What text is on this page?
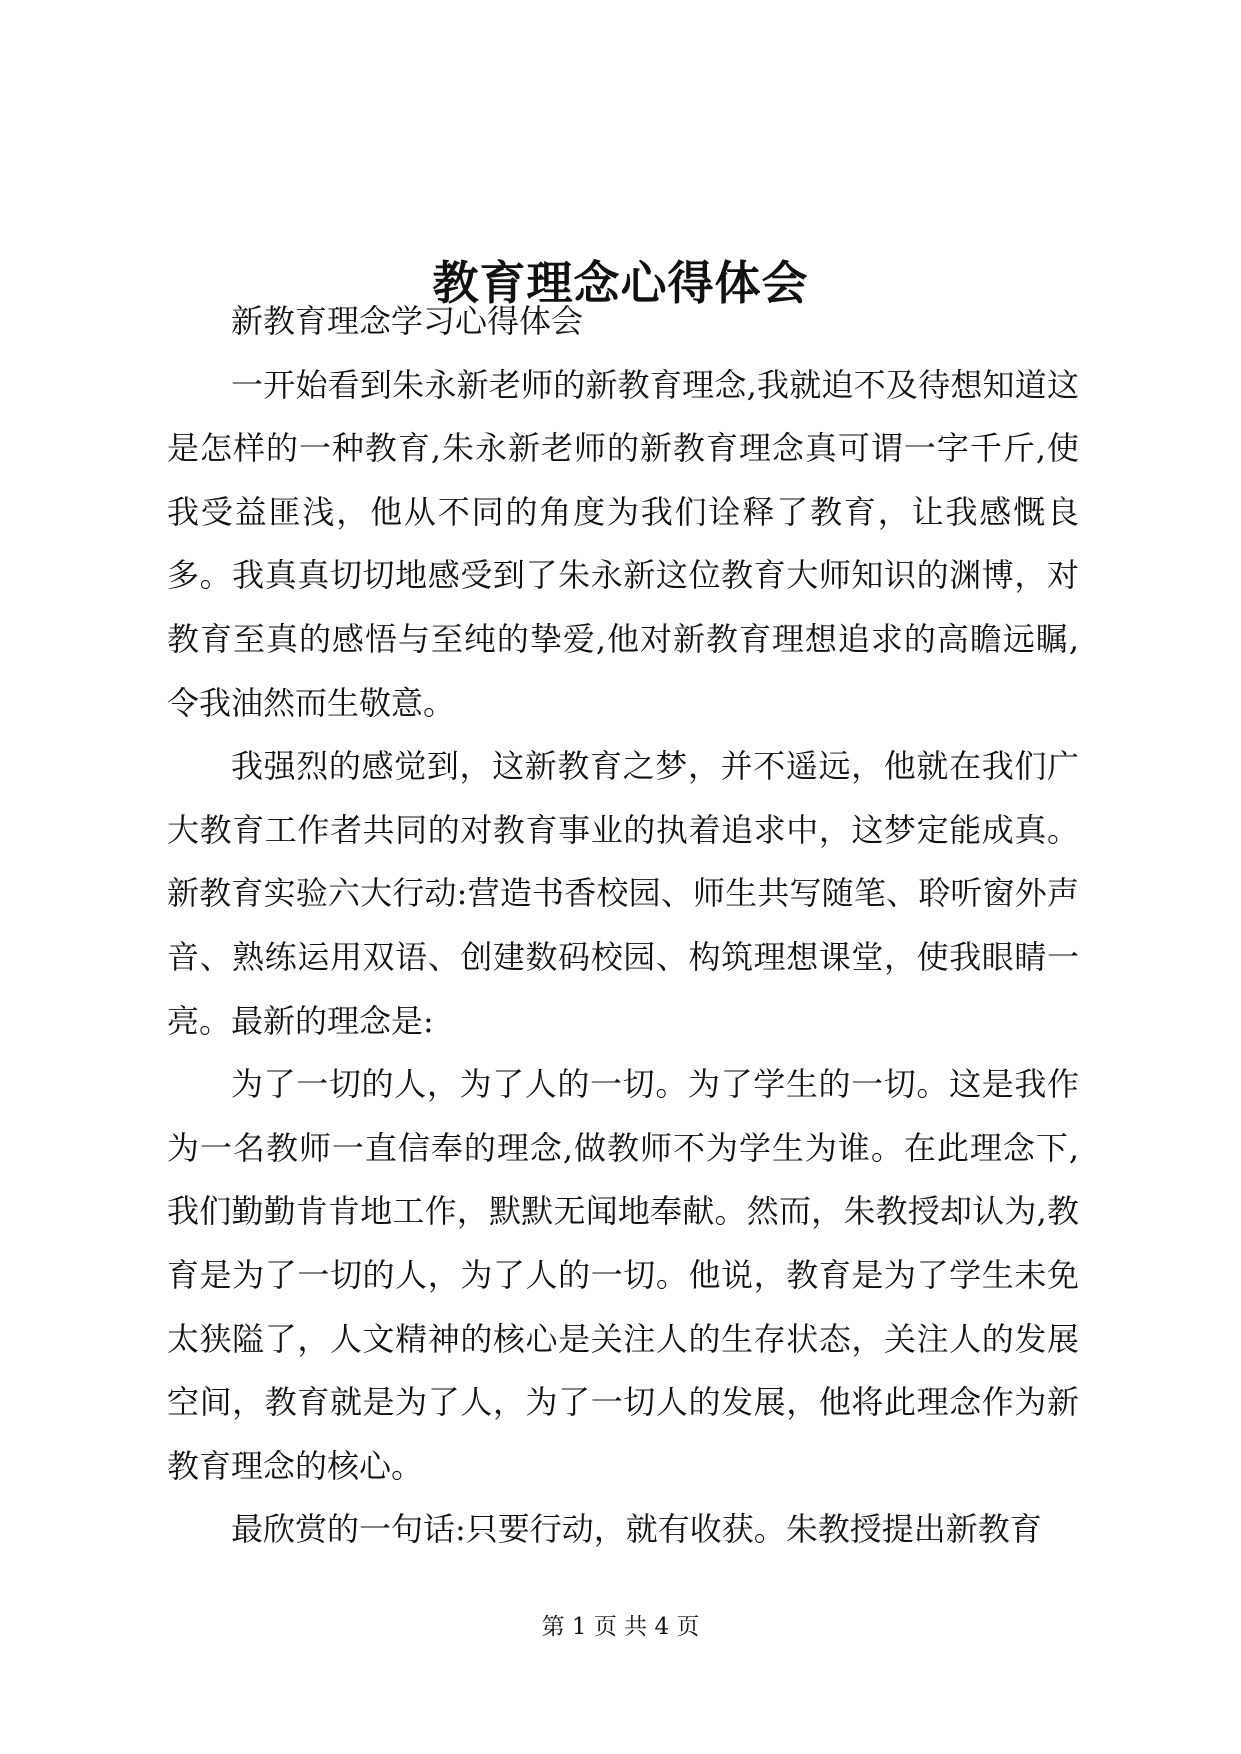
教育理念心得体会

新教育理念学习心得体会

一开始看到朱永新老师的新教育理念,我就迫不及待想知道这是怎样的一种教育,朱永新老师的新教育理念真可谓一字千斤,使我受益匪浅，他从不同的角度为我们诠释了教育，让我感慨良多。我真真切切地感受到了朱永新这位教育大师知识的渊博，对教育至真的感悟与至纯的挚爱,他对新教育理想追求的高瞻远瞩,令我油然而生敬意。

我强烈的感觉到，这新教育之梦，并不遥远，他就在我们广大教育工作者共同的对教育事业的执着追求中，这梦定能成真。新教育实验六大行动:营造书香校园、师生共写随笔、聆听窗外声音、熟练运用双语、创建数码校园、构筑理想课堂，使我眼睛一亮。最新的理念是:

为了一切的人，为了人的一切。为了学生的一切。这是我作为一名教师一直信奉的理念,做教师不为学生为谁。在此理念下,我们勤勤肯肯地工作，默默无闻地奉献。然而，朱教授却认为,教育是为了一切的人，为了人的一切。他说，教育是为了学生未免太狭隘了，人文精神的核心是关注人的生存状态，关注人的发展空间，教育就是为了人，为了一切人的发展，他将此理念作为新教育理念的核心。

最欣赏的一句话:只要行动，就有收获。朱教授提出新教育

第 1 页 共 4 页
